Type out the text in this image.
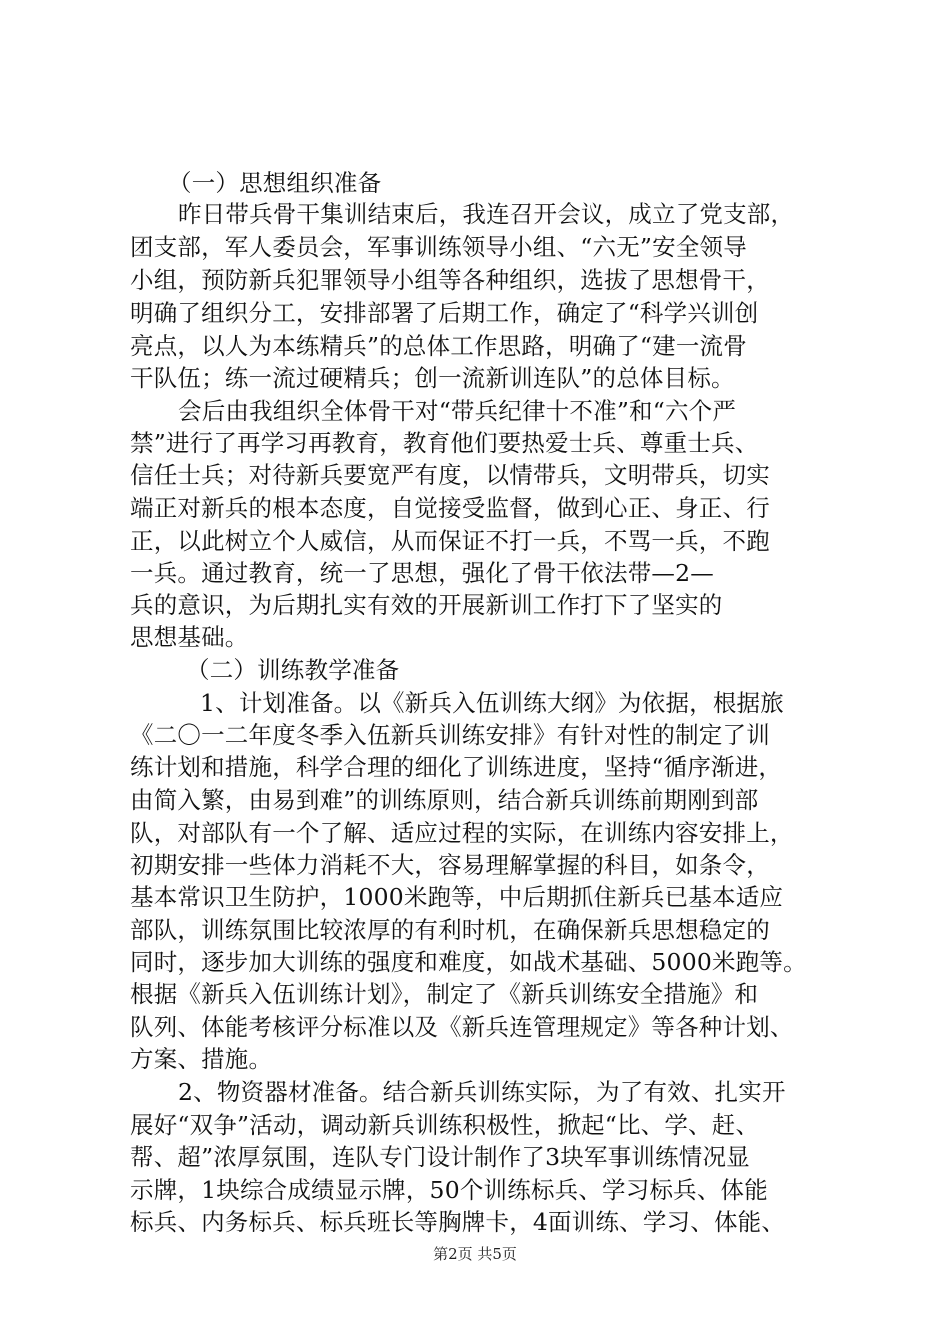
（一）思想组织准备
昨日带兵骨干集训结束后，我连召开会议，成立了党支部，
团支部，军人委员会，军事训练领导小组、“六无”安全领导
小组，预防新兵犯罪领导小组等各种组织，选拔了思想骨干，
明确了组织分工，安排部署了后期工作，确定了“科学兴训创
亮点，以人为本练精兵”的总体工作思路，明确了“建一流骨
干队伍；练一流过硬精兵；创一流新训连队”的总体目标。
会后由我组织全体骨干对“带兵纪律十不准”和“六个严
禁”进行了再学习再教育，教育他们要热爱士兵、尊重士兵、
信任士兵；对待新兵要宽严有度，以情带兵，文明带兵，切实
端正对新兵的根本态度，自觉接受监督，做到心正、身正、行
正，以此树立个人威信，从而保证不打一兵，不骂一兵，不跑
一兵。通过教育，统一了思想，强化了骨干依法带—2—
兵的意识，为后期扎实有效的开展新训工作打下了坚实的
思想基础。
（二）训练教学准备
1、计划准备。以《新兵入伍训练大纲》为依据，根据旅
《二〇一二年度冬季入伍新兵训练安排》有针对性的制定了训
练计划和措施，科学合理的细化了训练进度，坚持“循序渐进，
由简入繁，由易到难”的训练原则，结合新兵训练前期刚到部
队，对部队有一个了解、适应过程的实际，在训练内容安排上，
初期安排一些体力消耗不大，容易理解掌握的科目，如条令，
基本常识卫生防护，1000米跑等，中后期抓住新兵已基本适应
部队，训练氛围比较浓厚的有利时机，在确保新兵思想稳定的
同时，逐步加大训练的强度和难度，如战术基础、5000米跑等。
根据《新兵入伍训练计划》，制定了《新兵训练安全措施》和
队列、体能考核评分标准以及《新兵连管理规定》等各种计划、
方案、措施。
2、物资器材准备。结合新兵训练实际，为了有效、扎实开
展好“双争”活动，调动新兵训练积极性，掀起“比、学、赶、
帮、超”浓厚氛围，连队专门设计制作了3块军事训练情况显
示牌，1块综合成绩显示牌，50个训练标兵、学习标兵、体能
标兵、内务标兵、标兵班长等胸牌卡，4面训练、学习、体能、
第2页 共5页
